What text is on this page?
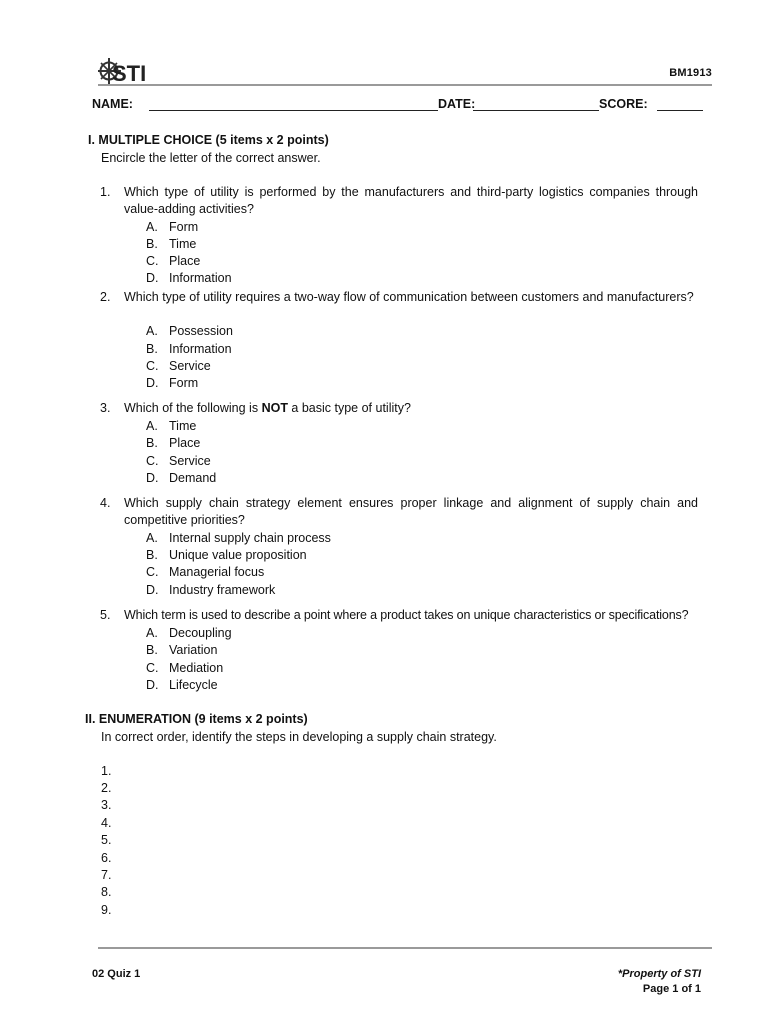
STI	BM1913
NAME:	DATE:	SCORE:
I. MULTIPLE CHOICE (5 items x 2 points)
Encircle the letter of the correct answer.
1. Which type of utility is performed by the manufacturers and third-party logistics companies through value-adding activities?
A. Form
B. Time
C. Place
D. Information
2. Which type of utility requires a two-way flow of communication between customers and manufacturers?
A. Possession
B. Information
C. Service
D. Form
3. Which of the following is NOT a basic type of utility?
A. Time
B. Place
C. Service
D. Demand
4. Which supply chain strategy element ensures proper linkage and alignment of supply chain and competitive priorities?
A. Internal supply chain process
B. Unique value proposition
C. Managerial focus
D. Industry framework
5. Which term is used to describe a point where a product takes on unique characteristics or specifications?
A. Decoupling
B. Variation
C. Mediation
D. Lifecycle
II. ENUMERATION (9 items x 2 points)
In correct order, identify the steps in developing a supply chain strategy.
1.
2.
3.
4.
5.
6.
7.
8.
9.
02 Quiz 1	*Property of STI
Page 1 of 1
